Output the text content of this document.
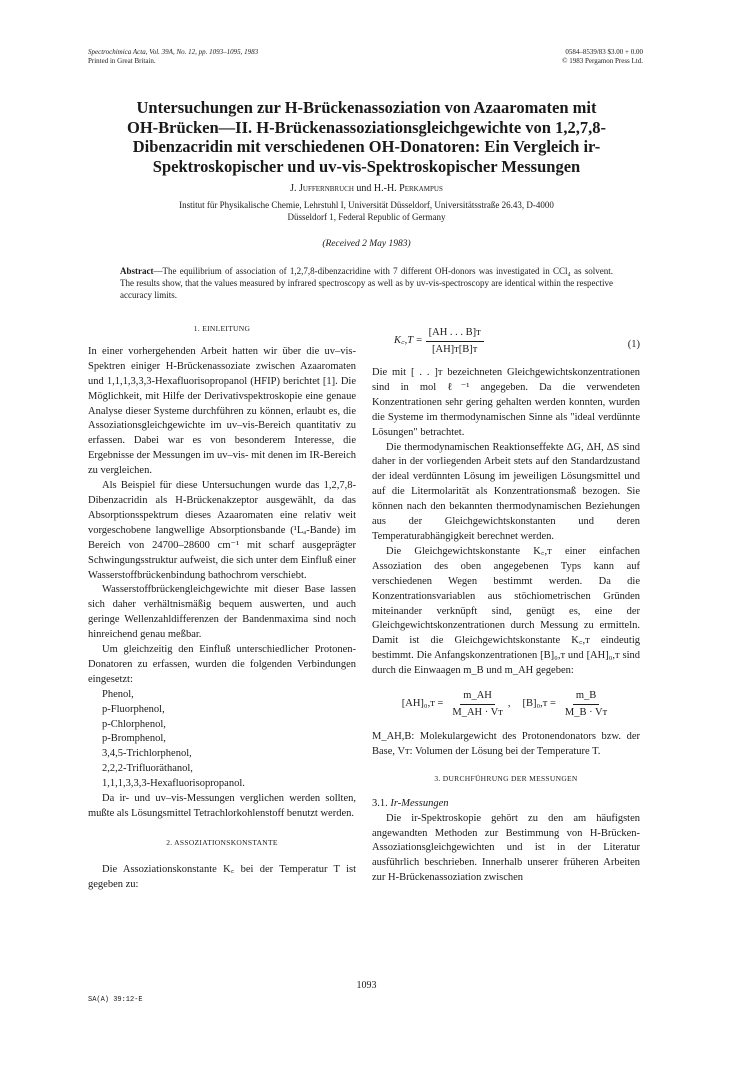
Spectrochimica Acta, Vol. 39A, No. 12, pp. 1093–1095, 1983
Printed in Great Britain.
0584–8539/83 $3.00 + 0.00
© 1983 Pergamon Press Ltd.
Untersuchungen zur H-Brückenassoziation von Azaaromaten mit
OH-Brücken—II. H-Brückenassoziationsgleichgewichte von 1,2,7,8-
Dibenzacridin mit verschiedenen OH-Donatoren: Ein Vergleich ir-
Spektroskopischer und uv-vis-Spektroskopischer Messungen
J. Juffernbruch und H.-H. Perkampus
Institut für Physikalische Chemie, Lehrstuhl I, Universität Düsseldorf, Universitätsstraße 26.43, D-4000
Düsseldorf 1, Federal Republic of Germany
(Received 2 May 1983)
Abstract—The equilibrium of association of 1,2,7,8-dibenzacridine with 7 different OH-donors was investigated in CCl₄ as solvent. The results show, that the values measured by infrared spectroscopy as well as by uv-vis-spectroscopy are identical within the respective accuracy limits.
1. EINLEITUNG

In einer vorhergehenden Arbeit hatten wir über die uv–vis-Spektren einiger H-Brückenassoziate zwischen Azaaromaten und 1,1,1,3,3,3-Hexafluorisopropanol (HFIP) berichtet [1]. Die Möglichkeit, mit Hilfe der Derivativspektroskopie eine genaue Analyse dieser Systeme durchführen zu können, erlaubt es, die Assoziationsgleichgewichte im uv–vis-Bereich quantitativ zu erfassen. Dabei war es von besonderem Interesse, die Ergebnisse der Messungen im uv–vis- mit denen im IR-Bereich zu vergleichen.

Als Beispiel für diese Untersuchungen wurde das 1,2,7,8-Dibenzacridin als H-Brückenakzeptor ausgewählt, da das Absorptionsspektrum dieses Azaaromaten eine relativ weit vorgeschobene langwellige Absorptionsbande (¹Lₐ-Bande) im Bereich von 24700–28600 cm⁻¹ mit scharf ausgeprägter Schwingungsstruktur aufweist, die sich unter dem Einfluß einer Wasserstoffbrückenbindung bathochrom verschiebt.

Wasserstoffbrückengleichgewichte mit dieser Base lassen sich daher verhältnismäßig bequem auswerten, und auch geringe Wellenzahldifferenzen der Bandenmaxima sind noch hinreichend genau meßbar.

Um gleichzeitig den Einfluß unterschiedlicher Protonen-Donatoren zu erfassen, wurden die folgenden Verbindungen eingesetzt:

Phenol,
p-Fluorphenol,
p-Chlorphenol,
p-Bromphenol,
3,4,5-Trichlorphenol,
2,2,2-Trifluoräthanol,
1,1,1,3,3,3-Hexafluorisopropanol.

Da ir- und uv–vis-Messungen verglichen werden sollten, mußte als Lösungsmittel Tetrachlorkohlenstoff benutzt werden.

2. ASSOZIATIONSKONSTANTE

Die Assoziationskonstante K꜀ bei der Temperatur T ist gegeben zu:

K꜀,T = $\frac{\text{[AH . . . B]ᴛ}}{\text{[AH]ᴛ[B]ᴛ}}$	(1)

Die mit [ . . ]ᴛ bezeichneten Gleichgewichtskonzentrationen sind in mol ℓ⁻¹ angegeben. Da die verwendeten Konzentrationen sehr gering gehalten werden konnten, wurden die Systeme im thermodynamischen Sinne als "ideal verdünnte Lösungen" betrachtet.

Die thermodynamischen Reaktionseffekte ΔG, ΔH, ΔS sind daher in der vorliegenden Arbeit stets auf den Standardzustand der ideal verdünnten Lösung im jeweiligen Lösungsmittel und auf die Litermolarität als Konzentrationsmaß bezogen. Sie können nach den bekannten thermodynamischen Beziehungen aus der Gleichgewichtskonstanten und deren Temperaturabhängigkeit berechnet werden.

Die Gleichgewichtskonstante K꜀,ᴛ einer einfachen Assoziation des oben angegebenen Typs kann auf verschiedenen Wegen bestimmt werden. Da die Konzentrationsvariablen aus stöchiometrischen Gründen miteinander verknüpft sind, genügt es, eine der Gleichgewichtskonzentrationen durch Messung zu ermitteln. Damit ist die Gleichgewichtskonstante K꜀,ᴛ eindeutig bestimmt. Die Anfangskonzentrationen [B]₀,ᴛ und [AH]₀,ᴛ sind durch die Einwaagen m_B und m_AH gegeben:

[AH]₀,ᴛ = $\frac{m\_AH}{\text{M\_AH · Vᴛ}}$ , [B]₀,ᴛ = $\frac{m\_B}{\text{M\_B · Vᴛ}}$

M_AH,B: Molekulargewicht des Protonendonators bzw. der Base, Vᴛ: Volumen der Lösung bei der Temperature T.

3. DURCHFÜHRUNG DER MESSUNGEN

3.1. Ir-Messungen

Die ir-Spektroskopie gehört zu den am häufigsten angewandten Methoden zur Bestimmung von H-Brücken-Assoziationsgleichgewichten und ist in der Literatur ausführlich beschrieben. Innerhalb unserer früheren Arbeiten zur H-Brückenassoziation zwischen

1093
SA(A) 39:12-E
